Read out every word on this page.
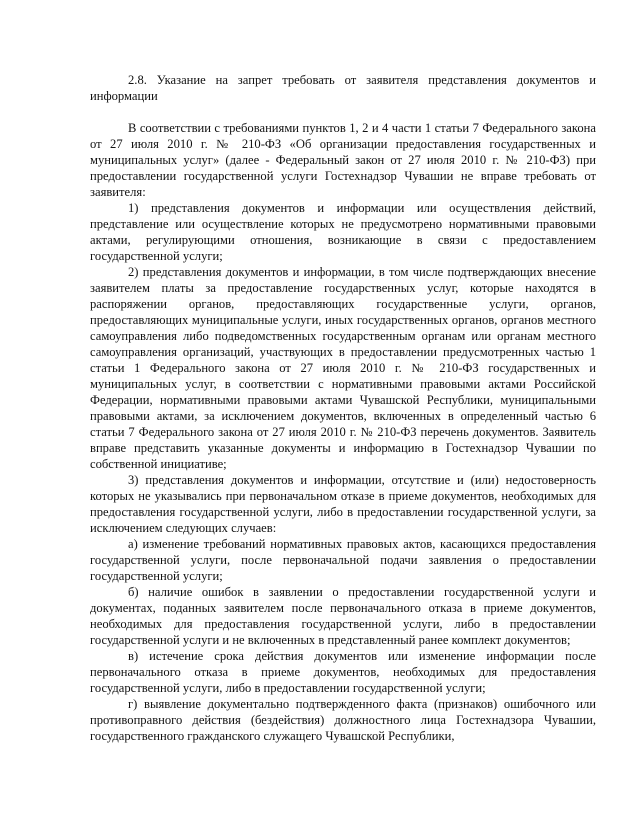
2.8. Указание на запрет требовать от заявителя представления документов и информации

В соответствии с требованиями пунктов 1, 2 и 4 части 1 статьи 7 Федерального закона от 27 июля 2010 г. № 210-ФЗ «Об организации предоставления государственных и муниципальных услуг» (далее - Федеральный закон от 27 июля 2010 г. № 210-ФЗ) при предоставлении государственной услуги Гостехнадзор Чувашии не вправе требовать от заявителя:

1) представления документов и информации или осуществления действий, представление или осуществление которых не предусмотрено нормативными правовыми актами, регулирующими отношения, возникающие в связи с предоставлением государственной услуги;

2) представления документов и информации, в том числе подтверждающих внесение заявителем платы за предоставление государственных услуг, которые находятся в распоряжении органов, предоставляющих государственные услуги, органов, предоставляющих муниципальные услуги, иных государственных органов, органов местного самоуправления либо подведомственных государственным органам или органам местного самоуправления организаций, участвующих в предоставлении предусмотренных частью 1 статьи 1 Федерального закона от 27 июля 2010 г. № 210-ФЗ государственных и муниципальных услуг, в соответствии с нормативными правовыми актами Российской Федерации, нормативными правовыми актами Чувашской Республики, муниципальными правовыми актами, за исключением документов, включенных в определенный частью 6 статьи 7 Федерального закона от 27 июля 2010 г. № 210-ФЗ перечень документов. Заявитель вправе представить указанные документы и информацию в Гостехнадзор Чувашии по собственной инициативе;

3) представления документов и информации, отсутствие и (или) недостоверность которых не указывались при первоначальном отказе в приеме документов, необходимых для предоставления государственной услуги, либо в предоставлении государственной услуги, за исключением следующих случаев:

а) изменение требований нормативных правовых актов, касающихся предоставления государственной услуги, после первоначальной подачи заявления о предоставлении государственной услуги;

б) наличие ошибок в заявлении о предоставлении государственной услуги и документах, поданных заявителем после первоначального отказа в приеме документов, необходимых для предоставления государственной услуги, либо в предоставлении государственной услуги и не включенных в представленный ранее комплект документов;

в) истечение срока действия документов или изменение информации после первоначального отказа в приеме документов, необходимых для предоставления государственной услуги, либо в предоставлении государственной услуги;

г) выявление документально подтвержденного факта (признаков) ошибочного или противоправного действия (бездействия) должностного лица Гостехнадзора Чувашии, государственного гражданского служащего Чувашской Республики,
